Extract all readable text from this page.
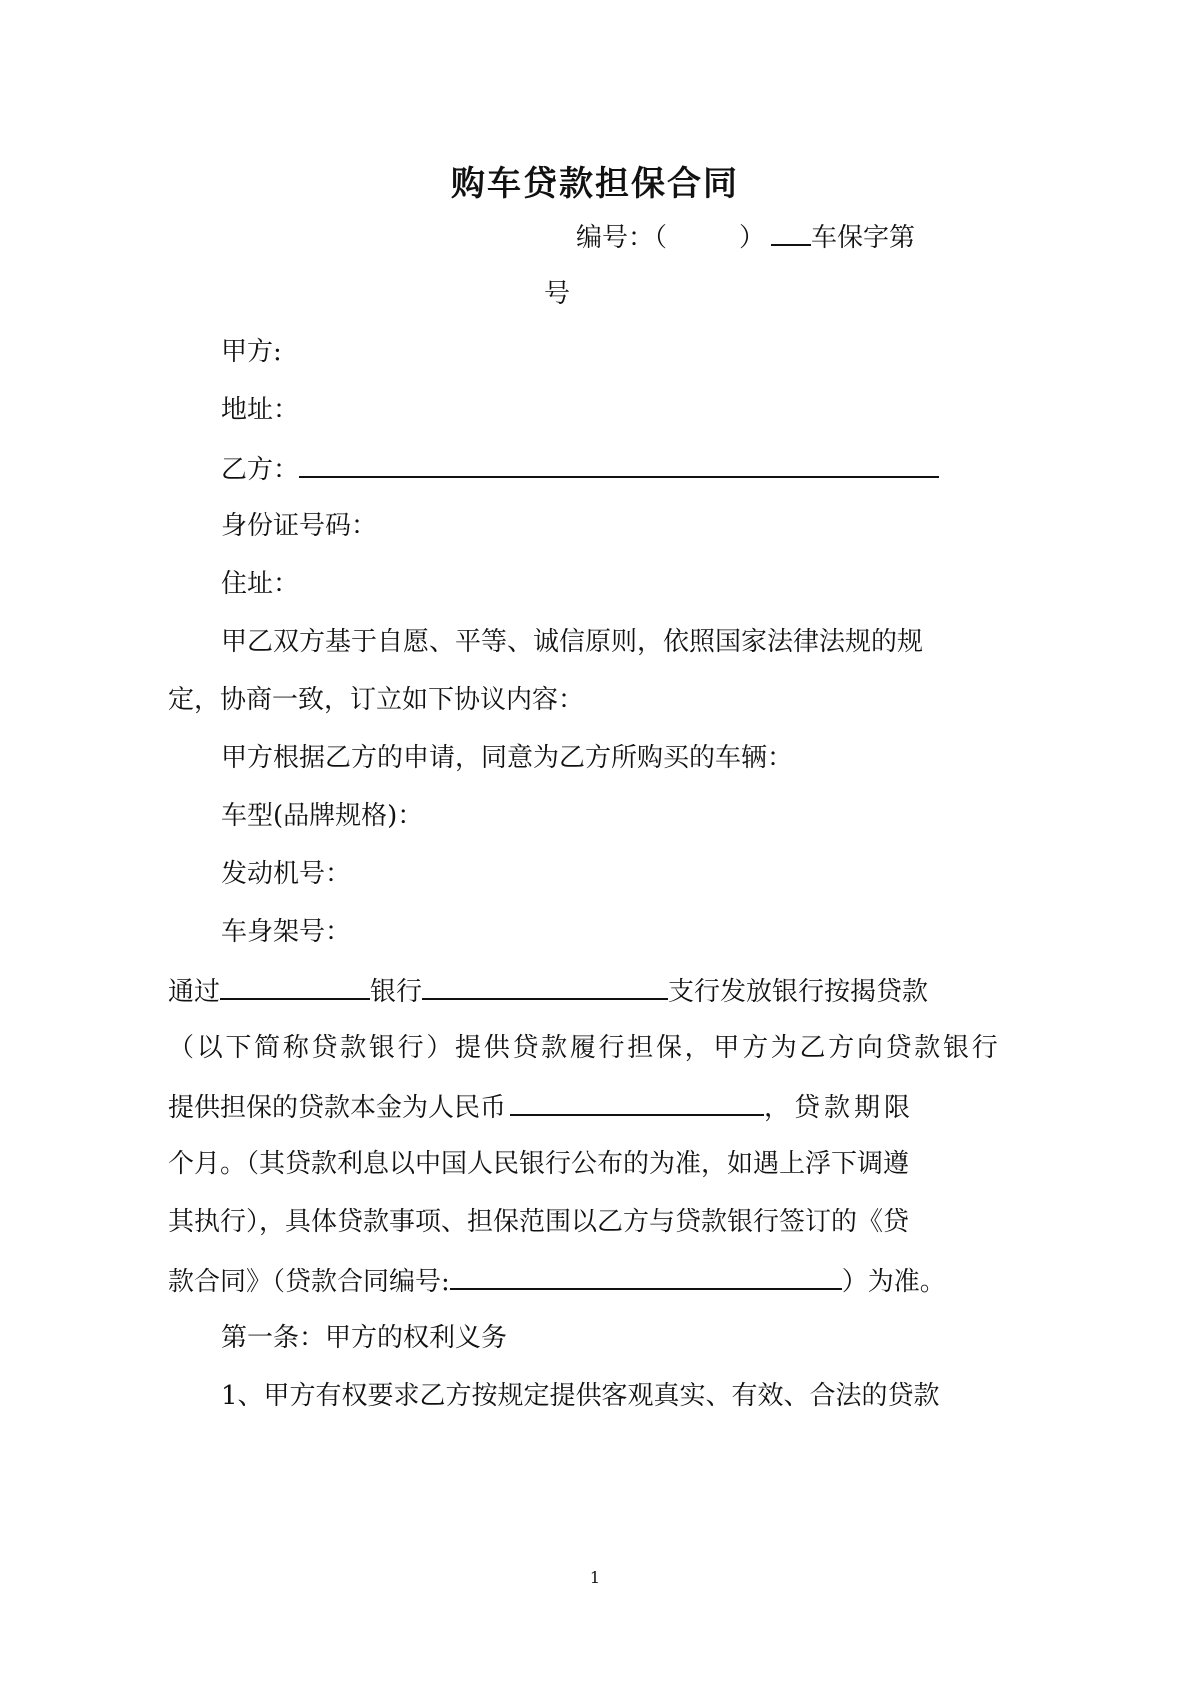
购车贷款担保合同
编号：（	） 车保字第
号
甲方:
地址：
乙方：
身份证号码：
住址：
甲乙双方基于自愿、平等、诚信原则，依照国家法律法规的规
定，协商一致，订立如下协议内容：
甲方根据乙方的申请，同意为乙方所购买的车辆：
车型(品牌规格)：
发动机号：
车身架号：
通过	银行	支行发放银行按揭贷款
（ 以 下 简 称 贷 款 银 行 ） 提 供 贷 款 履 行 担 保 ， 甲 方 为 乙 方 向 贷 款 银 行
提供担保的贷款本金为人民币	，贷款期限
个月。（其贷款利息以中国人民银行公布的为准，如遇上浮下调遵
其执行），具体贷款事项、担保范围以乙方与贷款银行签订的《贷
款合同》（贷款合同编号:	）为准。
第一条：甲方的权利义务
1、甲方有权要求乙方按规定提供客观真实、有效、合法的贷款
1
